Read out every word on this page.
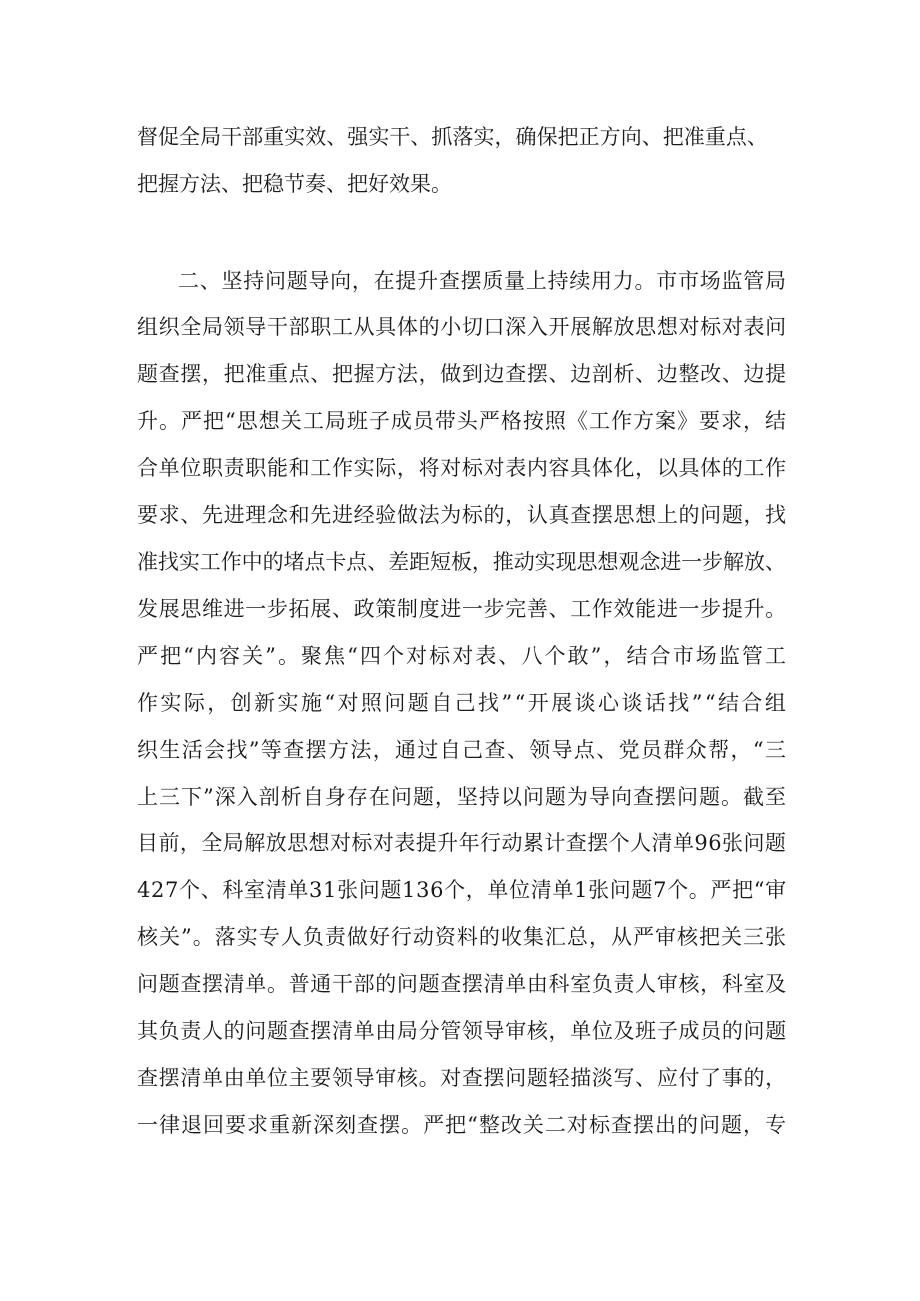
督促全局干部重实效、强实干、抓落实，确保把正方向、把准重点、
把握方法、把稳节奏、把好效果。
二、坚持问题导向，在提升查摆质量上持续用力。市市场监管局
组织全局领导干部职工从具体的小切口深入开展解放思想对标对表问
题查摆，把准重点、把握方法，做到边查摆、边剖析、边整改、边提
升。严把“思想关工局班子成员带头严格按照《工作方案》要求，结
合单位职责职能和工作实际，将对标对表内容具体化，以具体的工作
要求、先进理念和先进经验做法为标的，认真查摆思想上的问题，找
准找实工作中的堵点卡点、差距短板，推动实现思想观念进一步解放、
发展思维进一步拓展、政策制度进一步完善、工作效能进一步提升。
严把“内容关”。聚焦“四个对标对表、八个敢”，结合市场监管工
作实际，创新实施“对照问题自己找”“开展谈心谈话找”“结合组
织生活会找”等查摆方法，通过自己查、领导点、党员群众帮，“三
上三下”深入剖析自身存在问题，坚持以问题为导向查摆问题。截至
目前，全局解放思想对标对表提升年行动累计查摆个人清单96张问题
427个、科室清单31张问题136个，单位清单1张问题7个。严把“审
核关”。落实专人负责做好行动资料的收集汇总，从严审核把关三张
问题查摆清单。普通干部的问题查摆清单由科室负责人审核，科室及
其负责人的问题查摆清单由局分管领导审核，单位及班子成员的问题
查摆清单由单位主要领导审核。对查摆问题轻描淡写、应付了事的，
一律退回要求重新深刻查摆。严把“整改关二对标查摆出的问题，专
